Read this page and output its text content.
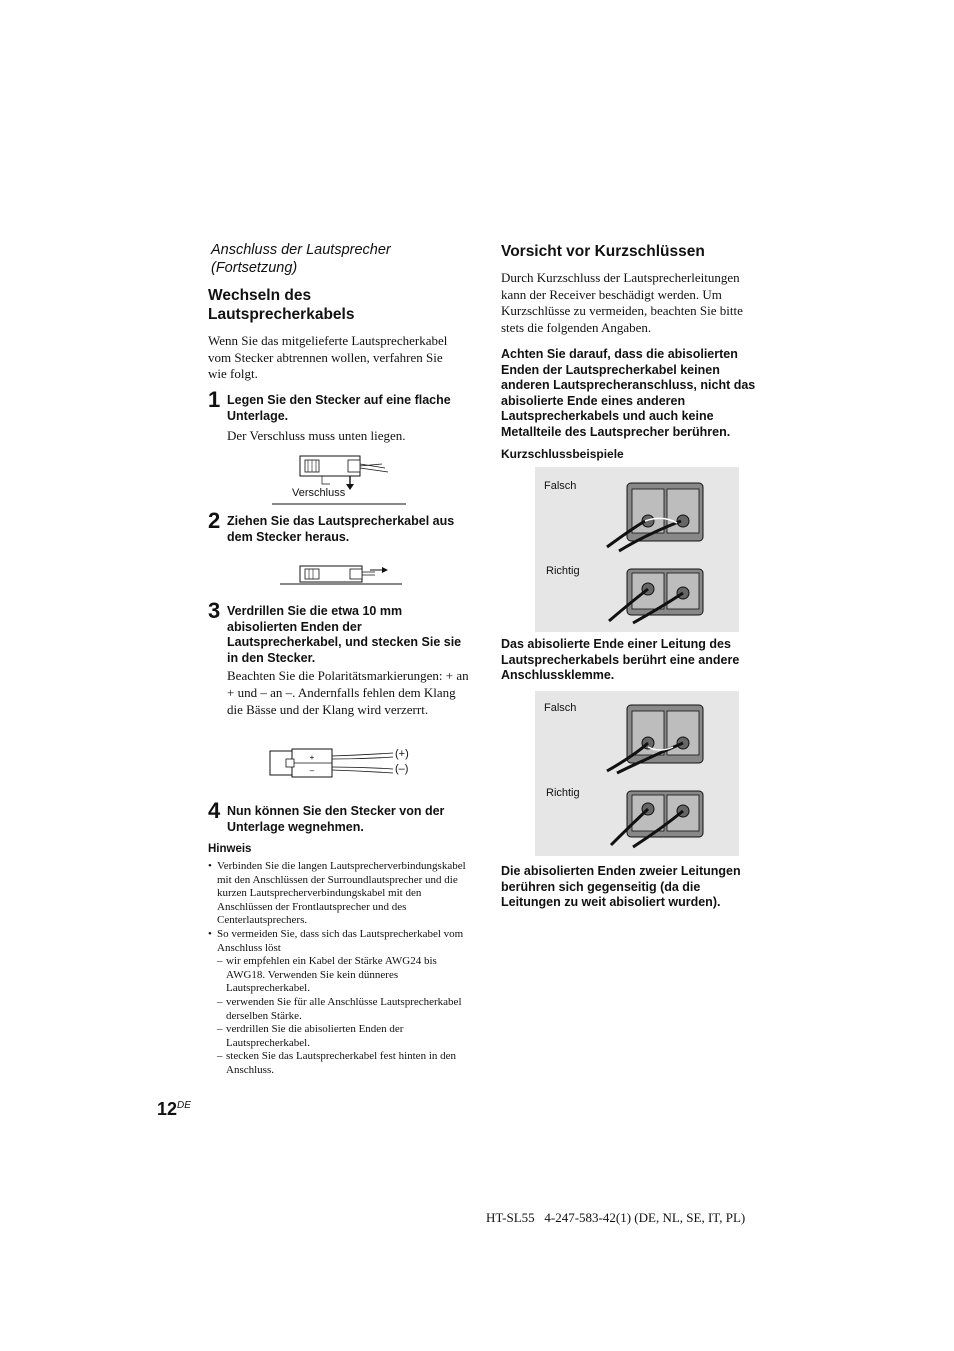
Anschluss der Lautsprecher (Fortsetzung)
Wechseln des Lautsprecherkabels
Wenn Sie das mitgelieferte Lautsprecherkabel vom Stecker abtrennen wollen, verfahren Sie wie folgt.
1 Legen Sie den Stecker auf eine flache Unterlage.
Der Verschluss muss unten liegen.
Verschluss
2 Ziehen Sie das Lautsprecherkabel aus dem Stecker heraus.
3 Verdrillen Sie die etwa 10 mm abisolierten Enden der Lautsprecherkabel, und stecken Sie sie in den Stecker.
Beachten Sie die Polaritätsmarkierungen: + an + und – an –. Andernfalls fehlen dem Klang die Bässe und der Klang wird verzerrt.
+
–
(+)
(–)
4 Nun können Sie den Stecker von der Unterlage wegnehmen.
Hinweis
• Verbinden Sie die langen Lautsprecherverbindungskabel mit den Anschlüssen der Surroundlautsprecher und die kurzen Lautsprecherverbindungskabel mit den Anschlüssen der Frontlautsprecher und des Centerlautsprechers.
• So vermeiden Sie, dass sich das Lautsprecherkabel vom Anschluss löst
– wir empfehlen ein Kabel der Stärke AWG24 bis AWG18. Verwenden Sie kein dünneres Lautsprecherkabel.
– verwenden Sie für alle Anschlüsse Lautsprecherkabel derselben Stärke.
– verdrillen Sie die abisolierten Enden der Lautsprecherkabel.
– stecken Sie das Lautsprecherkabel fest hinten in den Anschluss.
12DE
Vorsicht vor Kurzschlüssen
Durch Kurzschluss der Lautsprecherleitungen kann der Receiver beschädigt werden. Um Kurzschlüsse zu vermeiden, beachten Sie bitte stets die folgenden Angaben.
Achten Sie darauf, dass die abisolierten Enden der Lautsprecherkabel keinen anderen Lautsprecheranschluss, nicht das abisolierte Ende eines anderen Lautsprecherkabels und auch keine Metallteile des Lautsprecher berühren.
Kurzschlussbeispiele
Falsch
Richtig
Das abisolierte Ende einer Leitung des Lautsprecherkabels berührt eine andere Anschlussklemme.
Falsch
Richtig
Die abisolierten Enden zweier Leitungen berühren sich gegenseitig (da die Leitungen zu weit abisoliert wurden).
HT-SL55   4-247-583-42(1) (DE, NL, SE, IT, PL)
